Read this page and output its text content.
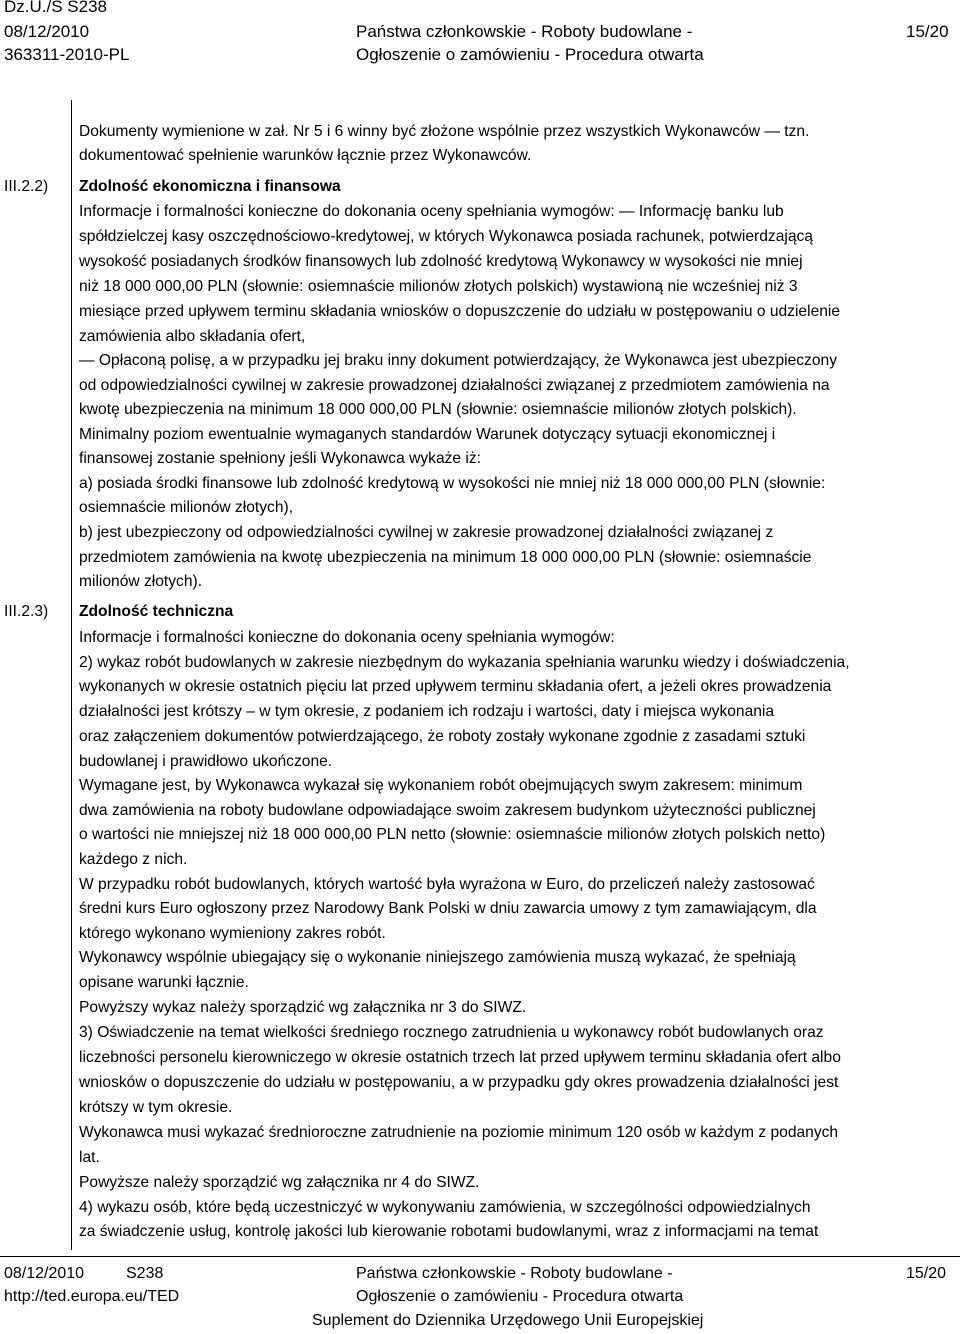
Dz.U./S S238
08/12/2010
363311-2010-PL
Państwa członkowskie - Roboty budowlane -
Ogłoszenie o zamówieniu - Procedura otwarta
15/20
III.2.2)
III.2.3)
Dokumenty wymienione w zał. Nr 5 i 6 winny być złożone wspólnie przez wszystkich Wykonawców — tzn.
dokumentować spełnienie warunków łącznie przez Wykonawców.
Zdolność ekonomiczna i finansowa
Informacje i formalności konieczne do dokonania oceny spełniania wymogów: — Informację banku lub
spółdzielczej kasy oszczędnościowo-kredytowej, w których Wykonawca posiada rachunek, potwierdzającą
wysokość posiadanych środków finansowych lub zdolność kredytową Wykonawcy w wysokości nie mniej
niż 18 000 000,00 PLN (słownie: osiemnaście milionów złotych polskich) wystawioną nie wcześniej niż 3
miesiące przed upływem terminu składania wniosków o dopuszczenie do udziału w postępowaniu o udzielenie
zamówienia albo składania ofert,
— Opłaconą polisę, a w przypadku jej braku inny dokument potwierdzający, że Wykonawca jest ubezpieczony
od odpowiedzialności cywilnej w zakresie prowadzonej działalności związanej z przedmiotem zamówienia na
kwotę ubezpieczenia na minimum 18 000 000,00 PLN (słownie: osiemnaście milionów złotych polskich).
Minimalny poziom ewentualnie wymaganych standardów Warunek dotyczący sytuacji ekonomicznej i
finansowej zostanie spełniony jeśli Wykonawca wykaże iż:
a) posiada środki finansowe lub zdolność kredytową w wysokości nie mniej niż 18 000 000,00 PLN (słownie:
osiemnaście milionów złotych),
b) jest ubezpieczony od odpowiedzialności cywilnej w zakresie prowadzonej działalności związanej z
przedmiotem zamówienia na kwotę ubezpieczenia na minimum 18 000 000,00 PLN (słownie: osiemnaście
milionów złotych).
Zdolność techniczna
Informacje i formalności konieczne do dokonania oceny spełniania wymogów:
2) wykaz robót budowlanych w zakresie niezbędnym do wykazania spełniania warunku wiedzy i doświadczenia,
wykonanych w okresie ostatnich pięciu lat przed upływem terminu składania ofert, a jeżeli okres prowadzenia
działalności jest krótszy – w tym okresie, z podaniem ich rodzaju i wartości, daty i miejsca wykonania
oraz załączeniem dokumentów potwierdzającego, że roboty zostały wykonane zgodnie z zasadami sztuki
budowlanej i prawidłowo ukończone.
Wymagane jest, by Wykonawca wykazał się wykonaniem robót obejmujących swym zakresem: minimum
dwa zamówienia na roboty budowlane odpowiadające swoim zakresem budynkom użyteczności publicznej
o wartości nie mniejszej niż 18 000 000,00 PLN netto (słownie: osiemnaście milionów złotych polskich netto)
każdego z nich.
W przypadku robót budowlanych, których wartość była wyrażona w Euro, do przeliczeń należy zastosować
średni kurs Euro ogłoszony przez Narodowy Bank Polski w dniu zawarcia umowy z tym zamawiającym, dla
którego wykonano wymieniony zakres robót.
Wykonawcy wspólnie ubiegający się o wykonanie niniejszego zamówienia muszą wykazać, że spełniają
opisane warunki łącznie.
Powyższy wykaz należy sporządzić wg załącznika nr 3 do SIWZ.
3) Oświadczenie na temat wielkości średniego rocznego zatrudnienia u wykonawcy robót budowlanych oraz
liczebności personelu kierowniczego w okresie ostatnich trzech lat przed upływem terminu składania ofert albo
wniosków o dopuszczenie do udziału w postępowaniu, a w przypadku gdy okres prowadzenia działalności jest
krótszy w tym okresie.
Wykonawca musi wykazać średnioroczne zatrudnienie na poziomie minimum 120 osób w każdym z podanych
lat.
Powyższe należy sporządzić wg załącznika nr 4 do SIWZ.
4) wykazu osób, które będą uczestniczyć w wykonywaniu zamówienia, w szczególności odpowiedzialnych
za świadczenie usług, kontrolę jakości lub kierowanie robotami budowlanymi, wraz z informacjami na temat
08/12/2010	S238
http://ted.europa.eu/TED
Państwa członkowskie - Roboty budowlane -
Ogłoszenie o zamówieniu - Procedura otwarta
Suplement do Dziennika Urzędowego Unii Europejskiej
15/20
